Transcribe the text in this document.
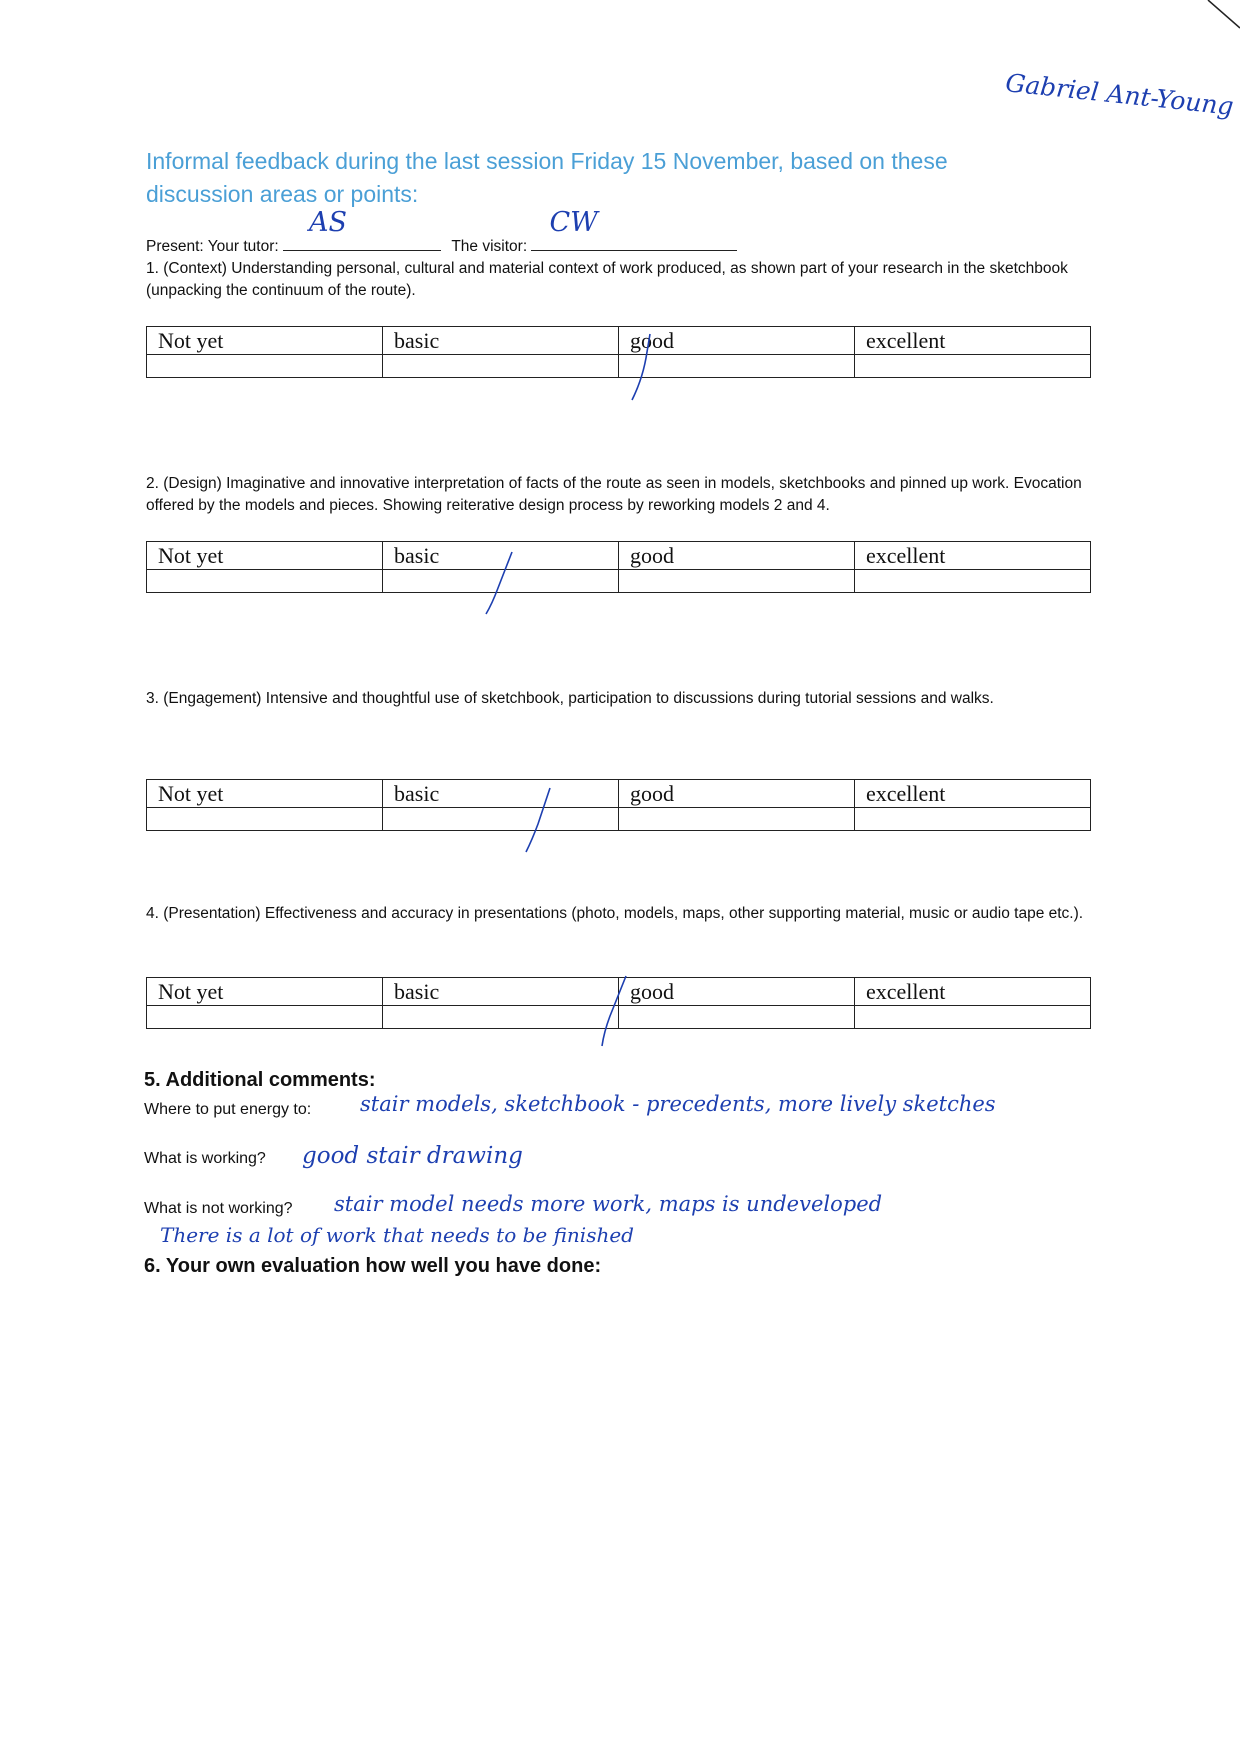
Gabriel Ant-Young
Informal feedback during the last session Friday 15 November, based on these discussion areas or points:
Present: Your tutor:
AS
The visitor:
CW
1. (Context) Understanding personal, cultural and material context of work produced, as shown part of your research in the sketchbook (unpacking the continuum of the route).
Not yet	basic	good	excellent

2. (Design) Imaginative and innovative interpretation of facts of the route as seen in models, sketchbooks and pinned up work. Evocation offered by the models and pieces. Showing reiterative design process by reworking models 2 and 4.
Not yet	basic	good	excellent

3. (Engagement) Intensive and thoughtful use of sketchbook, participation to discussions during tutorial sessions and walks.
Not yet	basic	good	excellent

4. (Presentation) Effectiveness and accuracy in presentations (photo, models, maps, other supporting material, music or audio tape etc.).
Not yet	basic	good	excellent

5. Additional comments:
Where to put energy to: stair models, sketchbook - precedents, more lively sketches
What is working? good stair drawing
What is not working? stair model needs more work, maps is undeveloped
There is a lot of work that needs to be finished
6. Your own evaluation how well you have done:
